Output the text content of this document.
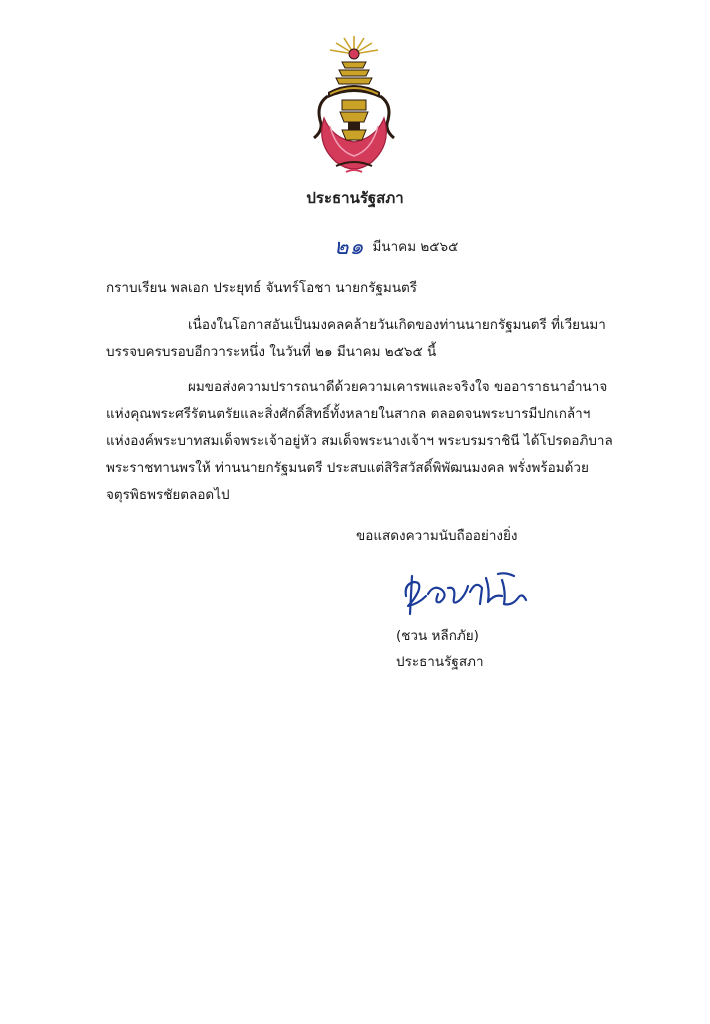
ประธานรัฐสภา
๒๑ มีนาคม ๒๕๖๕
กราบเรียน พลเอก ประยุทธ์ จันทร์โอชา นายกรัฐมนตรี
เนื่องในโอกาสอันเป็นมงคลคล้ายวันเกิดของท่านนายกรัฐมนตรี ที่เวียนมา
บรรจบครบรอบอีกวาระหนึ่ง ในวันที่ ๒๑ มีนาคม ๒๕๖๕ นี้
ผมขอส่งความปรารถนาดีด้วยความเคารพและจริงใจ ขออาราธนาอำนาจ
แห่งคุณพระศรีรัตนตรัยและสิ่งศักดิ์สิทธิ์ทั้งหลายในสากล ตลอดจนพระบารมีปกเกล้าฯ
แห่งองค์พระบาทสมเด็จพระเจ้าอยู่หัว สมเด็จพระนางเจ้าฯ พระบรมราชินี ได้โปรดอภิบาล
พระราชทานพรให้ ท่านนายกรัฐมนตรี ประสบแต่สิริสวัสดิ์พิพัฒนมงคล พรั่งพร้อมด้วย
จตุรพิธพรชัยตลอดไป
ขอแสดงความนับถืออย่างยิ่ง
(ชวน หลีกภัย)
ประธานรัฐสภา
